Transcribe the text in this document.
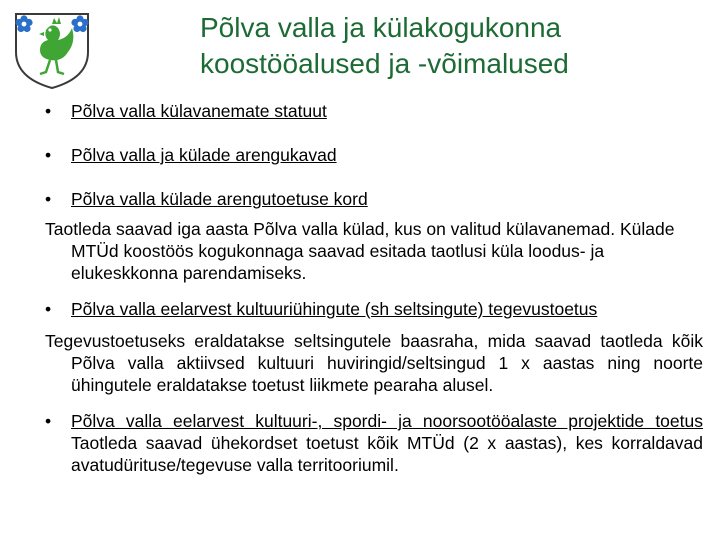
Põlva valla ja külakogukonna
koostööalused ja -võimalused
• Põlva valla külavanemate statuut
• Põlva valla ja külade arengukavad
• Põlva valla külade arengutoetuse kord
Taotleda saavad iga aasta Põlva valla külad, kus on valitud külavanemad. Külade MTÜd koostöös kogukonnaga saavad esitada taotlusi küla loodus- ja elukeskkonna parendamiseks.
• Põlva valla eelarvest kultuuriühingute (sh seltsingute) tegevustoetus
Tegevustoetuseks eraldatakse seltsingutele baasraha, mida saavad taotleda kõik Põlva valla aktiivsed kultuuri huviringid/seltsingud 1 x aastas ning noorte ühingutele eraldatakse toetust liikmete pearaha alusel.
• Põlva valla eelarvest kultuuri-, spordi- ja noorsootööalaste projektide toetus Taotleda saavad ühekordset toetust kõik MTÜd (2 x aastas), kes korraldavad avatudürituse/tegevuse valla territooriumil.
